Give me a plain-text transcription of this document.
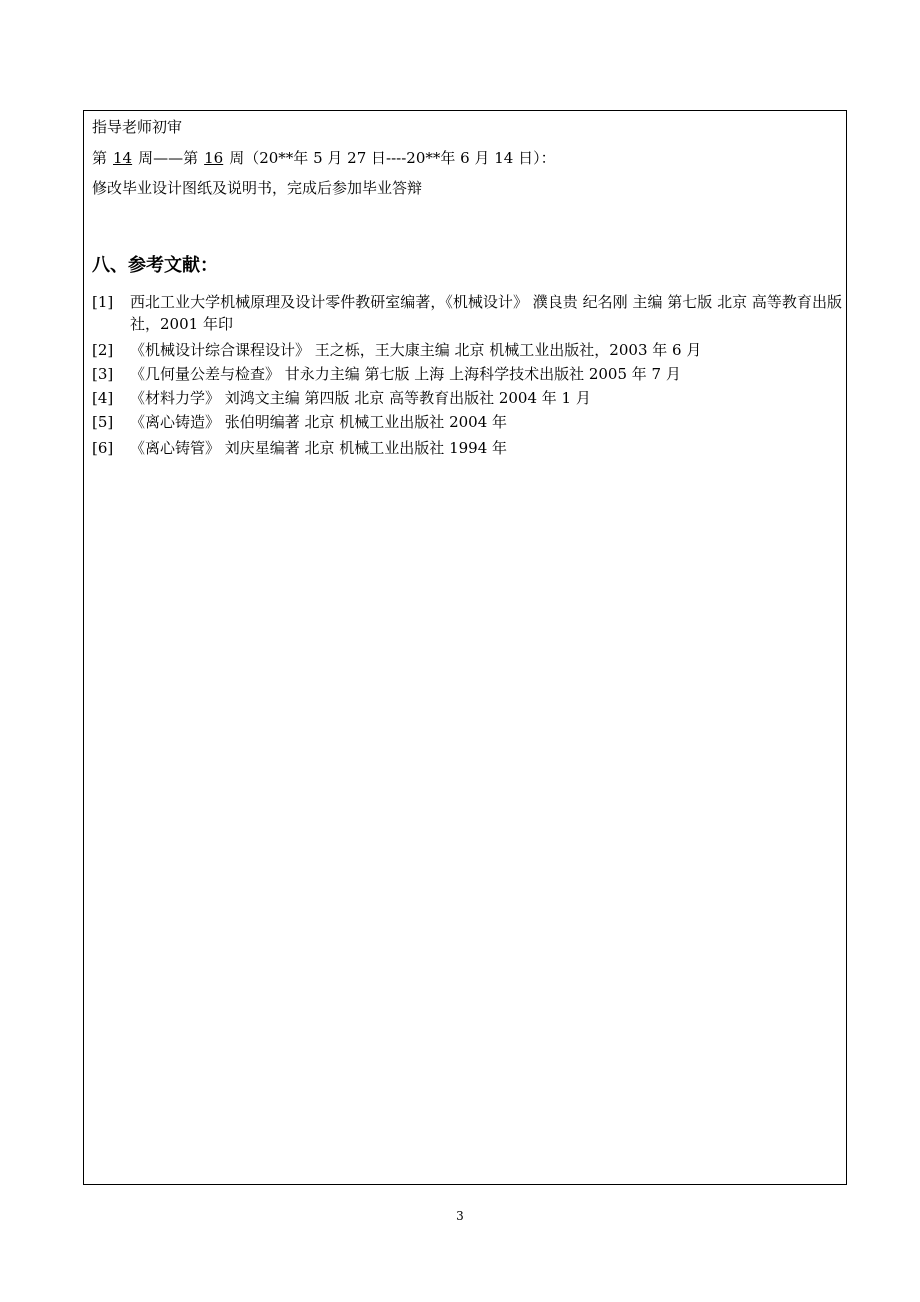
指导老师初审
第 14 周——第 16 周（20**年 5 月 27 日----20**年 6 月 14 日）：
修改毕业设计图纸及说明书，完成后参加毕业答辩
八、参考文献：
[1] 西北工业大学机械原理及设计零件教研室编著，《机械设计》 濮良贵 纪名刚 主编 第七版 北京 高等教育出版社，2001 年印
[2] 《机械设计综合课程设计》 王之栎，王大康主编 北京 机械工业出版社，2003 年 6 月
[3] 《几何量公差与检查》 甘永力主编 第七版 上海 上海科学技术出版社 2005 年 7 月
[4] 《材料力学》 刘鸿文主编 第四版 北京 高等教育出版社 2004 年 1 月
[5] 《离心铸造》 张伯明编著 北京 机械工业出版社 2004 年
[6] 《离心铸管》 刘庆星编著 北京 机械工业出版社 1994 年
3
